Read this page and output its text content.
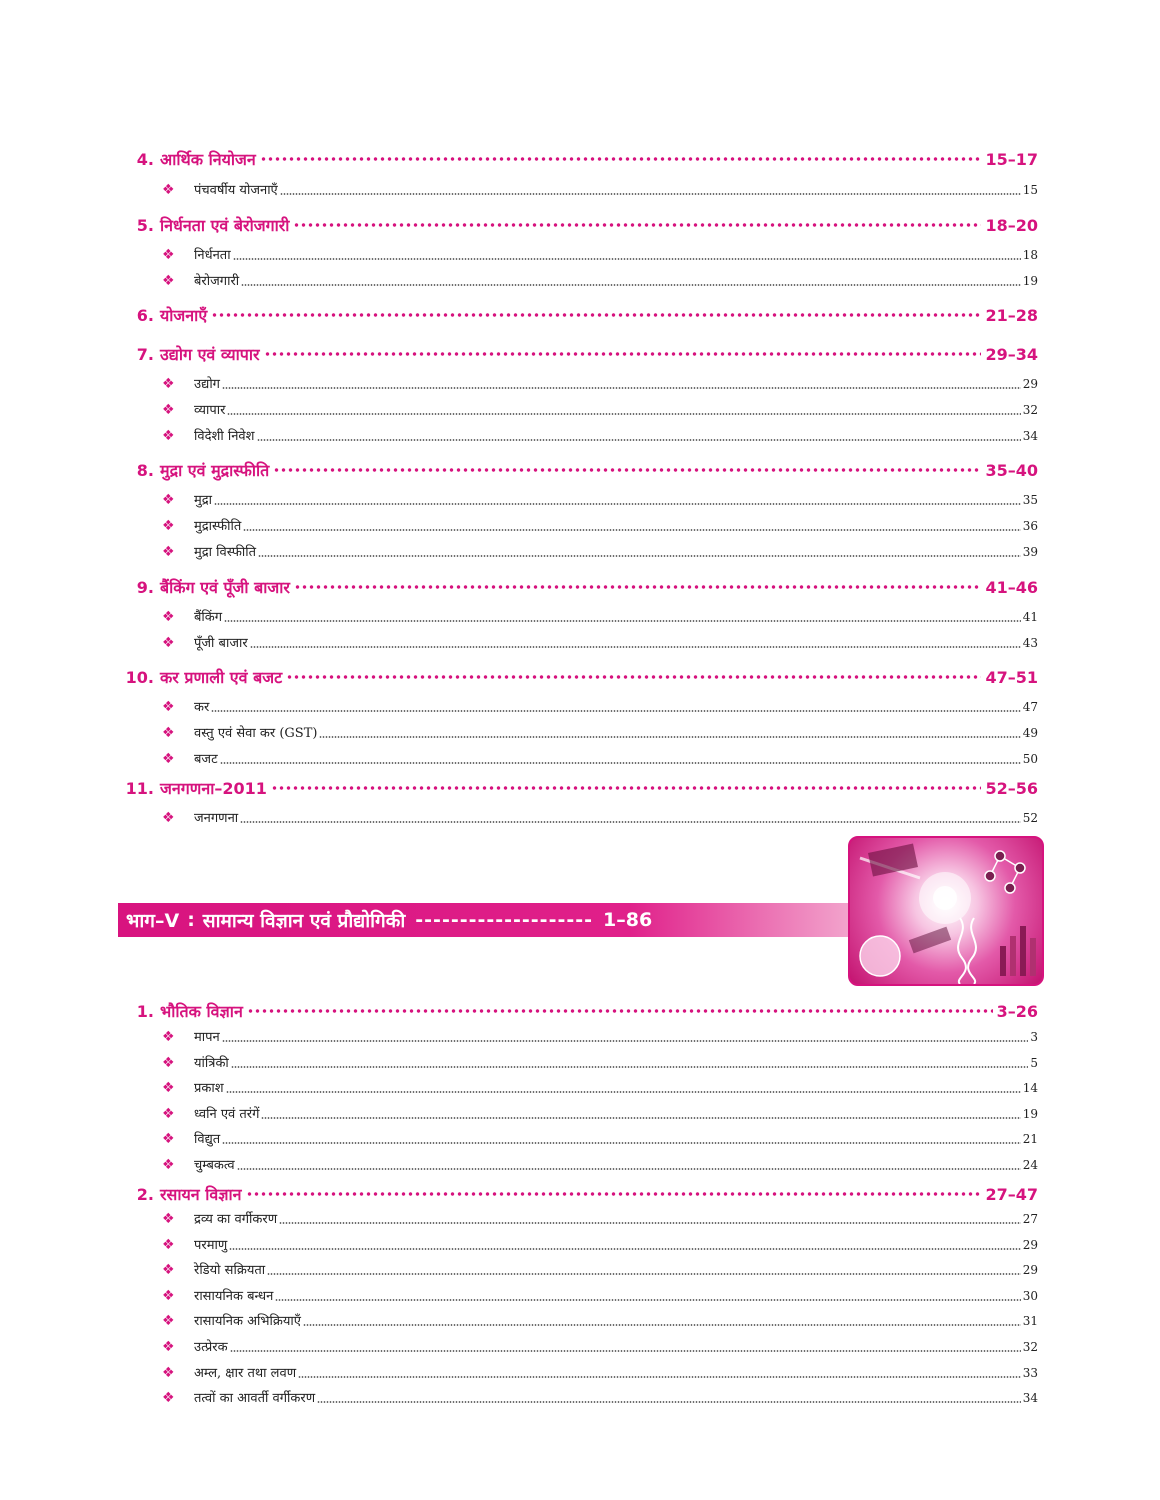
4. आर्थिक नियोजन	15–17
❖	पंचवर्षीय योजनाएँ	15
5. निर्धनता एवं बेरोजगारी	18–20
❖	निर्धनता	18
❖	बेरोजगारी	19
6. योजनाएँ	21–28
7. उद्योग एवं व्यापार	29–34
❖	उद्योग	29
❖	व्यापार	32
❖	विदेशी निवेश	34
8. मुद्रा एवं मुद्रास्फीति	35–40
❖	मुद्रा	35
❖	मुद्रास्फीति	36
❖	मुद्रा विस्फीति	39
9. बैंकिंग एवं पूँजी बाजार	41–46
❖	बैंकिंग	41
❖	पूँजी बाजार	43
10. कर प्रणाली एवं बजट	47–51
❖	कर	47
❖	वस्तु एवं सेवा कर (GST)	49
❖	बजट	50
11. जनगणना–2011	52–56
❖	जनगणना	52
भाग–V : सामान्य विज्ञान एवं प्रौद्योगिकी -------------------- 1–86
1. भौतिक विज्ञान	3–26
❖	मापन	3
❖	यांत्रिकी	5
❖	प्रकाश	14
❖	ध्वनि एवं तरंगें	19
❖	विद्युत	21
❖	चुम्बकत्व	24
2. रसायन विज्ञान	27–47
❖	द्रव्य का वर्गीकरण	27
❖	परमाणु	29
❖	रेडियो सक्रियता	29
❖	रासायनिक बन्धन	30
❖	रासायनिक अभिक्रियाएँ	31
❖	उत्प्रेरक	32
❖	अम्ल, क्षार तथा लवण	33
❖	तत्वों का आवर्ती वर्गीकरण	34
